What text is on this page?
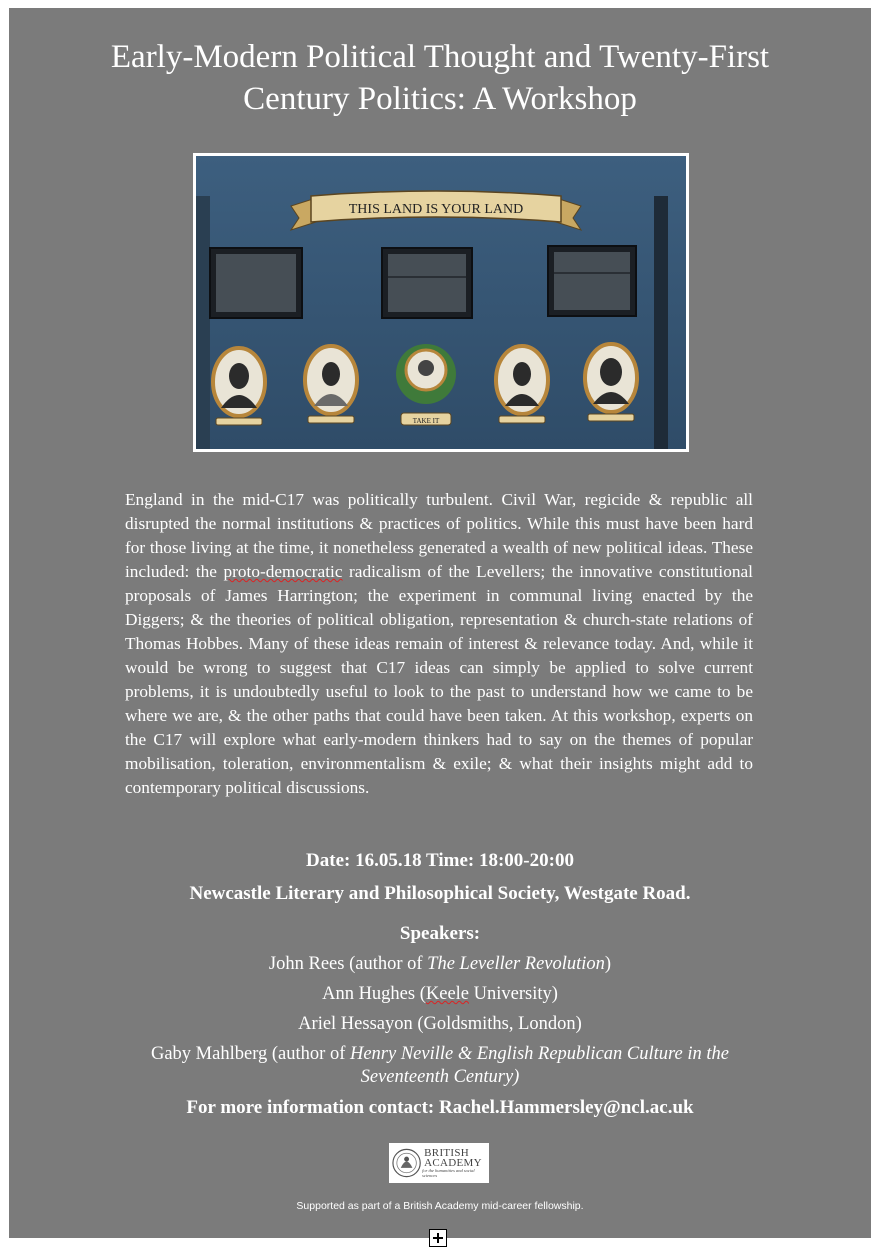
Early-Modern Political Thought and Twenty-First
Century Politics: A Workshop
THIS LAND IS YOUR LAND
TAKE IT

England in the mid-C17 was politically turbulent. Civil War, regicide & republic all disrupted the normal institutions & practices of politics. While this must have been hard for those living at the time, it nonetheless generated a wealth of new political ideas. These included: the proto-democratic radicalism of the Levellers; the innovative constitutional proposals of James Harrington; the experiment in communal living enacted by the Diggers; & the theories of political obligation, representation & church-state relations of Thomas Hobbes. Many of these ideas remain of interest & relevance today. And, while it would be wrong to suggest that C17 ideas can simply be applied to solve current problems, it is undoubtedly useful to look to the past to understand how we came to be where we are, & the other paths that could have been taken. At this workshop, experts on the C17 will explore what early-modern thinkers had to say on the themes of popular mobilisation, toleration, environmentalism & exile; & what their insights might add to contemporary political discussions.

Date: 16.05.18 Time: 18:00-20:00

Newcastle Literary and Philosophical Society, Westgate Road.

Speakers:

John Rees (author of The Leveller Revolution)

Ann Hughes (Keele University)

Ariel Hessayon (Goldsmiths, London)

Gaby Mahlberg (author of Henry Neville & English Republican Culture in the Seventeenth Century)

For more information contact: Rachel.Hammersley@ncl.ac.uk

BRITISH
ACADEMY
for the humanities and social sciences

Supported as part of a British Academy mid-career fellowship.
